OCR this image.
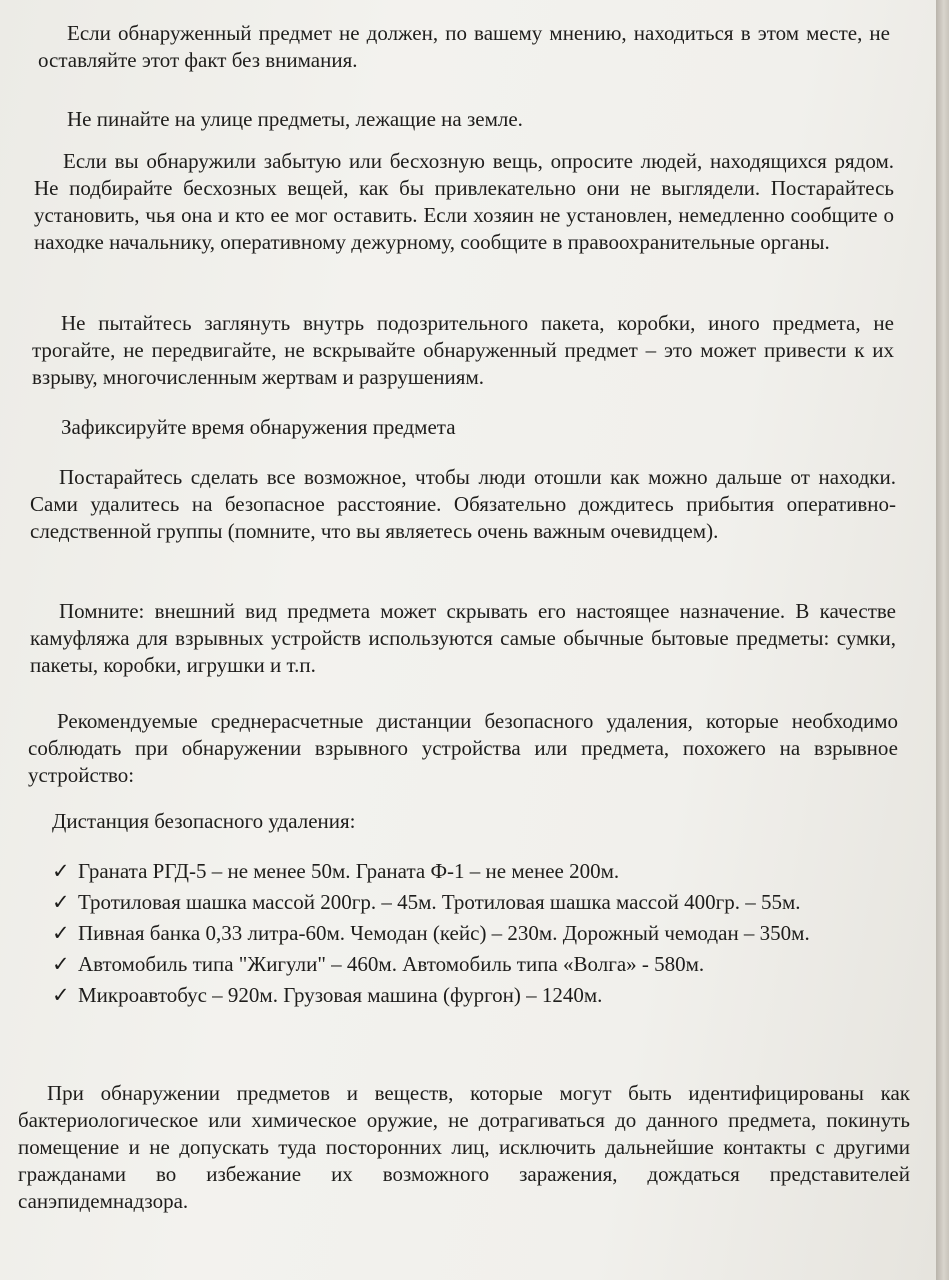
Если обнаруженный предмет не должен, по вашему мнению, находиться в этом месте, не оставляйте этот факт без внимания.

Не пинайте на улице предметы, лежащие на земле.

Если вы обнаружили забытую или бесхозную вещь, опросите людей, находящихся рядом. Не подбирайте бесхозных вещей, как бы привлекательно они не выглядели. Постарайтесь установить, чья она и кто ее мог оставить. Если хозяин не установлен, немедленно сообщите о находке начальнику, оперативному дежурному, сообщите в правоохранительные органы.

Не пытайтесь заглянуть внутрь подозрительного пакета, коробки, иного предмета, не трогайте, не передвигайте, не вскрывайте обнаруженный предмет – это может привести к их взрыву, многочисленным жертвам и разрушениям.

Зафиксируйте время обнаружения предмета

Постарайтесь сделать все возможное, чтобы люди отошли как можно дальше от находки. Сами удалитесь на безопасное расстояние. Обязательно дождитесь прибытия оперативно-следственной группы (помните, что вы являетесь очень важным очевидцем).

Помните: внешний вид предмета может скрывать его настоящее назначение. В качестве камуфляжа для взрывных устройств используются самые обычные бытовые предметы: сумки, пакеты, коробки, игрушки и т.п.

Рекомендуемые среднерасчетные дистанции безопасного удаления, которые необходимо соблюдать при обнаружении взрывного устройства или предмета, похожего на взрывное устройство:

Дистанция безопасного удаления:

✓ Граната РГД-5 – не менее 50м. Граната Ф-1 – не менее 200м.
✓ Тротиловая шашка массой 200гр. – 45м. Тротиловая шашка массой 400гр. – 55м.
✓ Пивная банка 0,33 литра-60м. Чемодан (кейс) – 230м. Дорожный чемодан – 350м.
✓ Автомобиль типа "Жигули" – 460м. Автомобиль типа «Волга» - 580м.
✓ Микроавтобус – 920м. Грузовая машина (фургон) – 1240м.

При обнаружении предметов и веществ, которые могут быть идентифицированы как бактериологическое или химическое оружие, не дотрагиваться до данного предмета, покинуть помещение и не допускать туда посторонних лиц, исключить дальнейшие контакты с другими гражданами во избежание их возможного заражения, дождаться представителей санэпидемнадзора.
